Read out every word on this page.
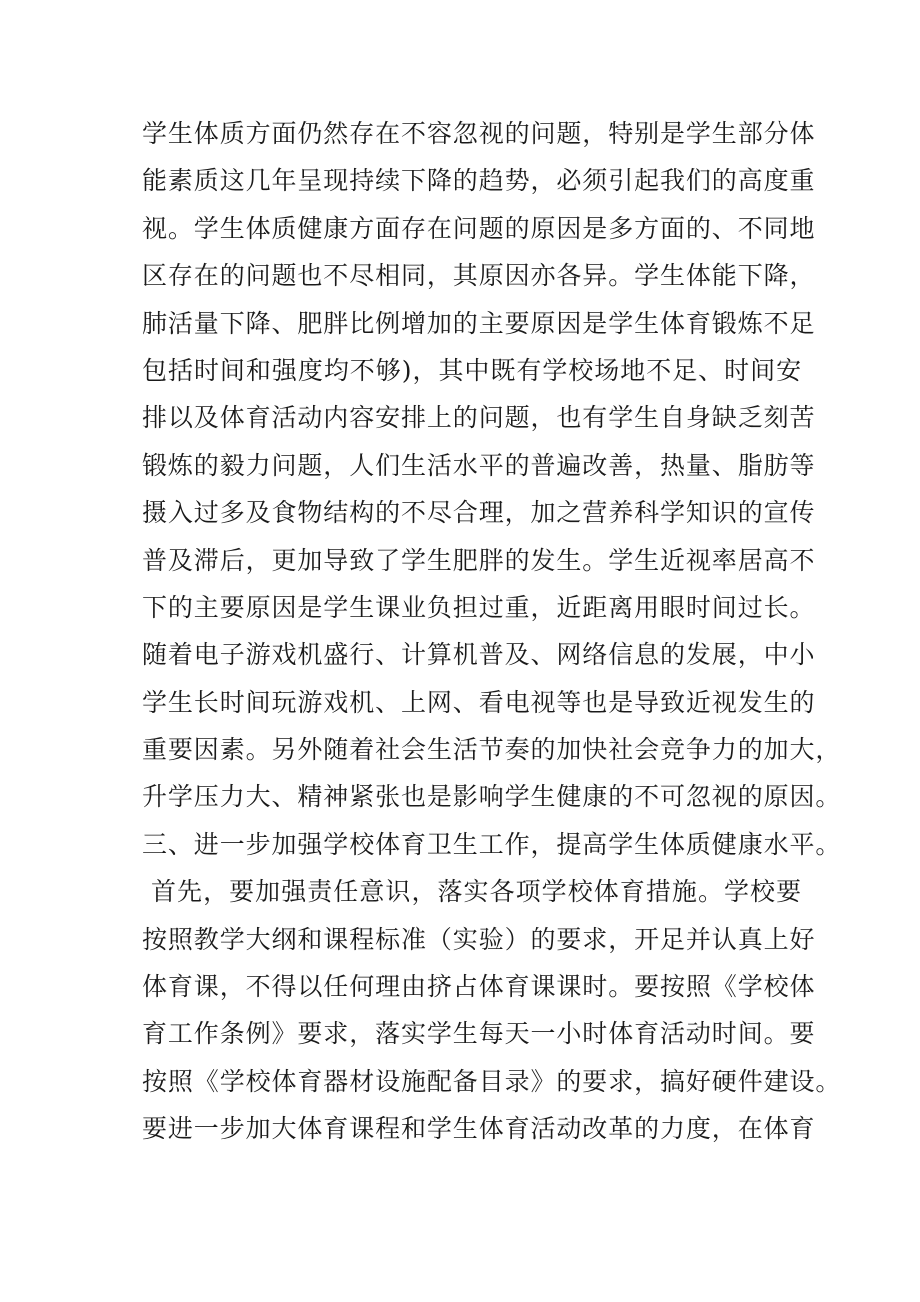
学生体质方面仍然存在不容忽视的问题，特别是学生部分体
能素质这几年呈现持续下降的趋势，必须引起我们的高度重
视。学生体质健康方面存在问题的原因是多方面的、不同地
区存在的问题也不尽相同，其原因亦各异。学生体能下降，
肺活量下降、肥胖比例增加的主要原因是学生体育锻炼不足
包括时间和强度均不够)，其中既有学校场地不足、时间安
排以及体育活动内容安排上的问题，也有学生自身缺乏刻苦
锻炼的毅力问题，人们生活水平的普遍改善，热量、脂肪等
摄入过多及食物结构的不尽合理，加之营养科学知识的宣传
普及滞后，更加导致了学生肥胖的发生。学生近视率居高不
下的主要原因是学生课业负担过重，近距离用眼时间过长。
随着电子游戏机盛行、计算机普及、网络信息的发展，中小
学生长时间玩游戏机、上网、看电视等也是导致近视发生的
重要因素。另外随着社会生活节奏的加快社会竞争力的加大，
升学压力大、精神紧张也是影响学生健康的不可忽视的原因。
三、进一步加强学校体育卫生工作，提高学生体质健康水平。
首先，要加强责任意识，落实各项学校体育措施。学校要
按照教学大纲和课程标准（实验）的要求，开足并认真上好
体育课，不得以任何理由挤占体育课课时。要按照《学校体
育工作条例》要求，落实学生每天一小时体育活动时间。要
按照《学校体育器材设施配备目录》的要求，搞好硬件建设。
要进一步加大体育课程和学生体育活动改革的力度，在体育
